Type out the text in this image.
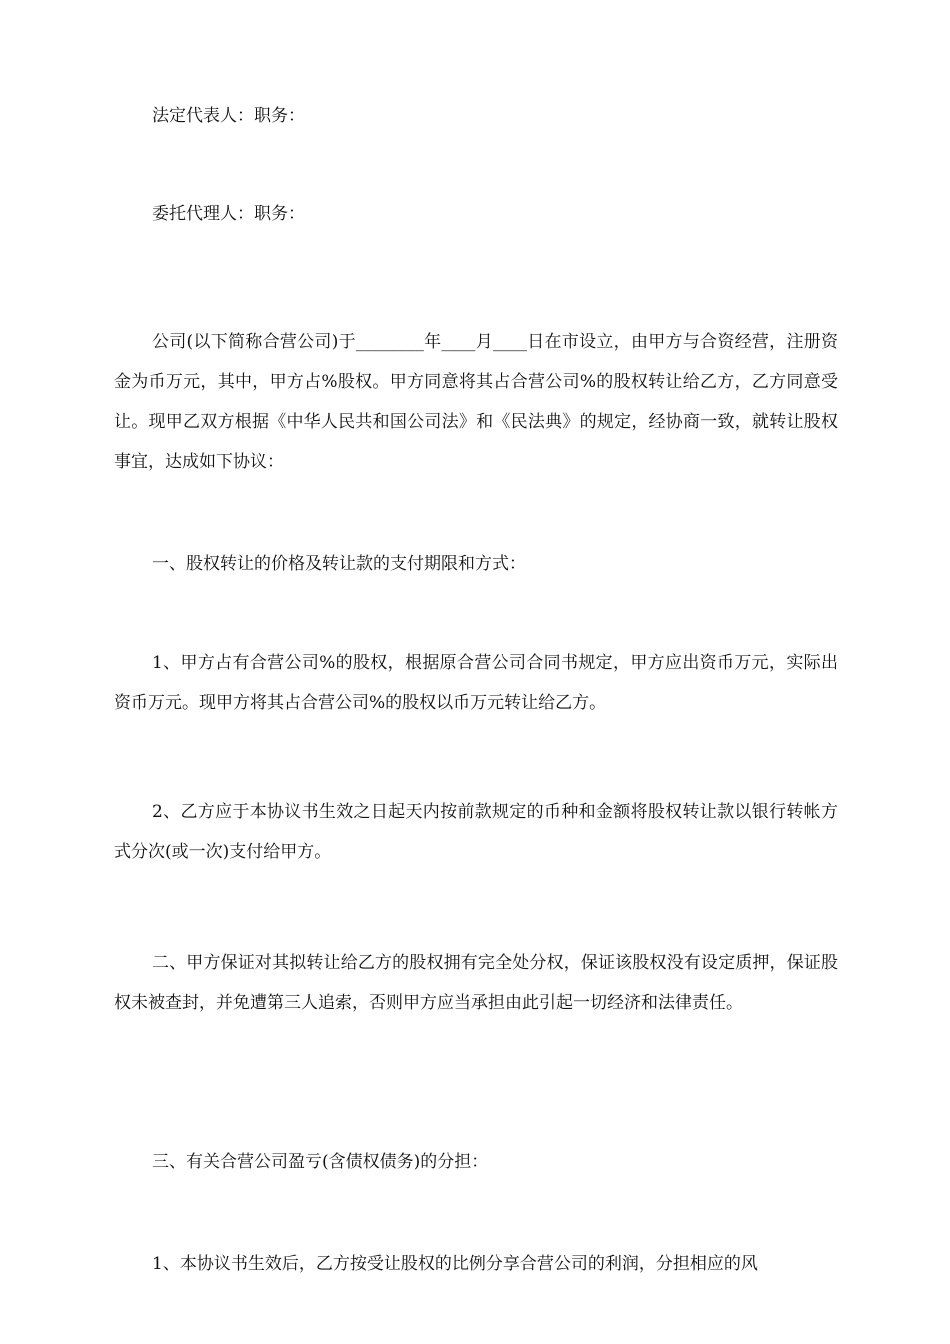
法定代表人：职务：

委托代理人：职务：

公司(以下简称合营公司)于________年____月____日在市设立，由甲方与合资经营，注册资金为币万元，其中，甲方占%股权。甲方同意将其占合营公司%的股权转让给乙方，乙方同意受让。现甲乙双方根据《中华人民共和国公司法》和《民法典》的规定，经协商一致，就转让股权事宜，达成如下协议：

一、股权转让的价格及转让款的支付期限和方式：

1、甲方占有合营公司%的股权，根据原合营公司合同书规定，甲方应出资币万元，实际出资币万元。现甲方将其占合营公司%的股权以币万元转让给乙方。

2、乙方应于本协议书生效之日起天内按前款规定的币种和金额将股权转让款以银行转帐方式分次(或一次)支付给甲方。

二、甲方保证对其拟转让给乙方的股权拥有完全处分权，保证该股权没有设定质押，保证股权未被查封，并免遭第三人追索，否则甲方应当承担由此引起一切经济和法律责任。

三、有关合营公司盈亏(含债权债务)的分担：

1、本协议书生效后，乙方按受让股权的比例分享合营公司的利润，分担相应的风
